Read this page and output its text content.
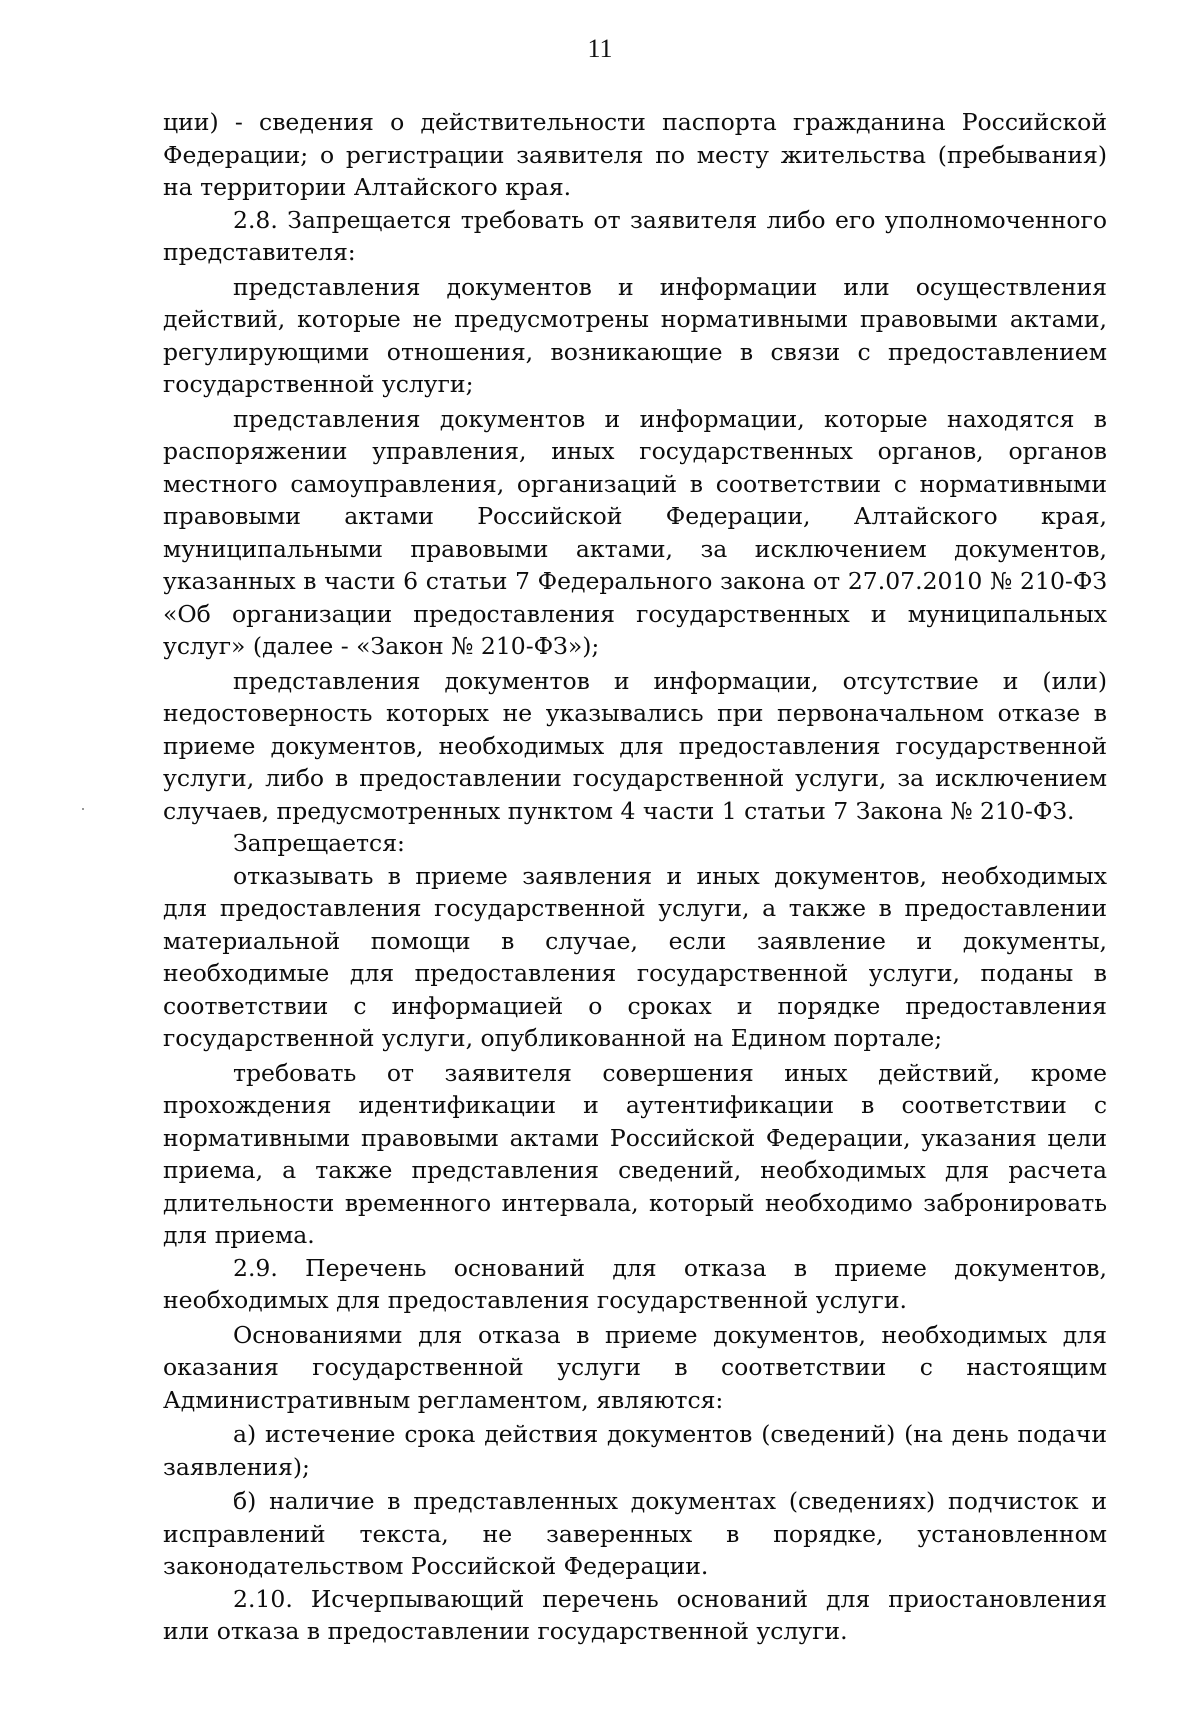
11

ции) - сведения о действительности паспорта гражданина Российской Федерации; о регистрации заявителя по месту жительства (пребывания) на территории Алтайского края.

2.8. Запрещается требовать от заявителя либо его уполномоченного представителя:

представления документов и информации или осуществления действий, которые не предусмотрены нормативными правовыми актами, регулирующими отношения, возникающие в связи с предоставлением государственной услуги;

представления документов и информации, которые находятся в распоряжении управления, иных государственных органов, органов местного самоуправления, организаций в соответствии с нормативными правовыми актами Российской Федерации, Алтайского края, муниципальными правовыми актами, за исключением документов, указанных в части 6 статьи 7 Федерального закона от 27.07.2010 № 210-ФЗ «Об организации предоставления государственных и муниципальных услуг» (далее - «Закон № 210-ФЗ»);

представления документов и информации, отсутствие и (или) недостоверность которых не указывались при первоначальном отказе в приеме документов, необходимых для предоставления государственной услуги, либо в предоставлении государственной услуги, за исключением случаев, предусмотренных пунктом 4 части 1 статьи 7 Закона № 210-ФЗ.

Запрещается:

отказывать в приеме заявления и иных документов, необходимых для предоставления государственной услуги, а также в предоставлении материальной помощи в случае, если заявление и документы, необходимые для предоставления государственной услуги, поданы в соответствии с информацией о сроках и порядке предоставления государственной услуги, опубликованной на Едином портале;

требовать от заявителя совершения иных действий, кроме прохождения идентификации и аутентификации в соответствии с нормативными правовыми актами Российской Федерации, указания цели приема, а также представления сведений, необходимых для расчета длительности временного интервала, который необходимо забронировать для приема.

2.9. Перечень оснований для отказа в приеме документов, необходимых для предоставления государственной услуги.

Основаниями для отказа в приеме документов, необходимых для оказания государственной услуги в соответствии с настоящим Административным регламентом, являются:

а) истечение срока действия документов (сведений) (на день подачи заявления);

б) наличие в представленных документах (сведениях) подчисток и исправлений текста, не заверенных в порядке, установленном законодательством Российской Федерации.

2.10. Исчерпывающий перечень оснований для приостановления или отказа в предоставлении государственной услуги.
